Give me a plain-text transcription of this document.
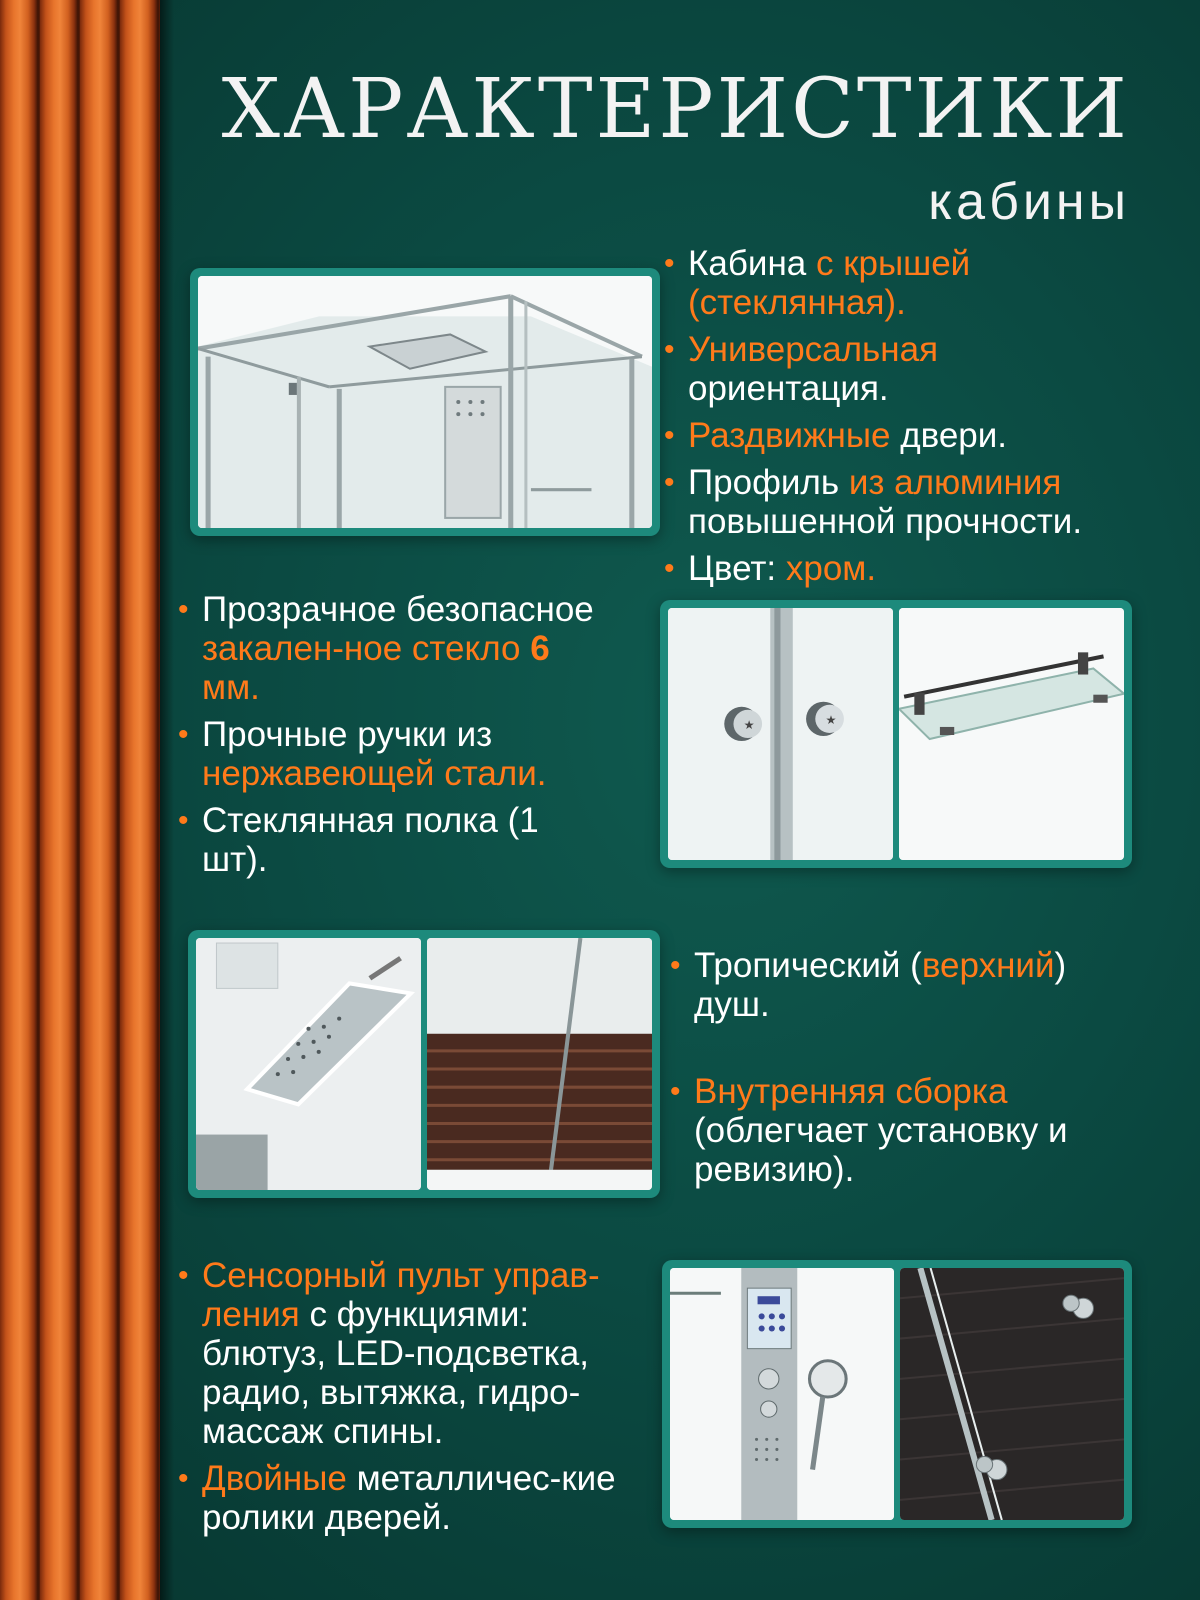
ХАРАКТЕРИСТИКИ
кабины
• Кабина с крышей (стеклянная).
• Универсальная ориентация.
• Раздвижные двери.
• Профиль из алюминия повышенной прочности.
• Цвет: хром.
• Прозрачное безопасное закален-ное стекло 6 мм.
• Прочные ручки из нержавеющей стали.
• Стеклянная полка (1 шт).
★	★
• Тропический (верхний) душ.
• Внутренняя сборка (облегчает установку и ревизию).
• Сенсорный пульт управ-ления с функциями: блютуз, LED-подсветка, радио, вытяжка, гидро-массаж спины.
• Двойные металличес-кие ролики дверей.
